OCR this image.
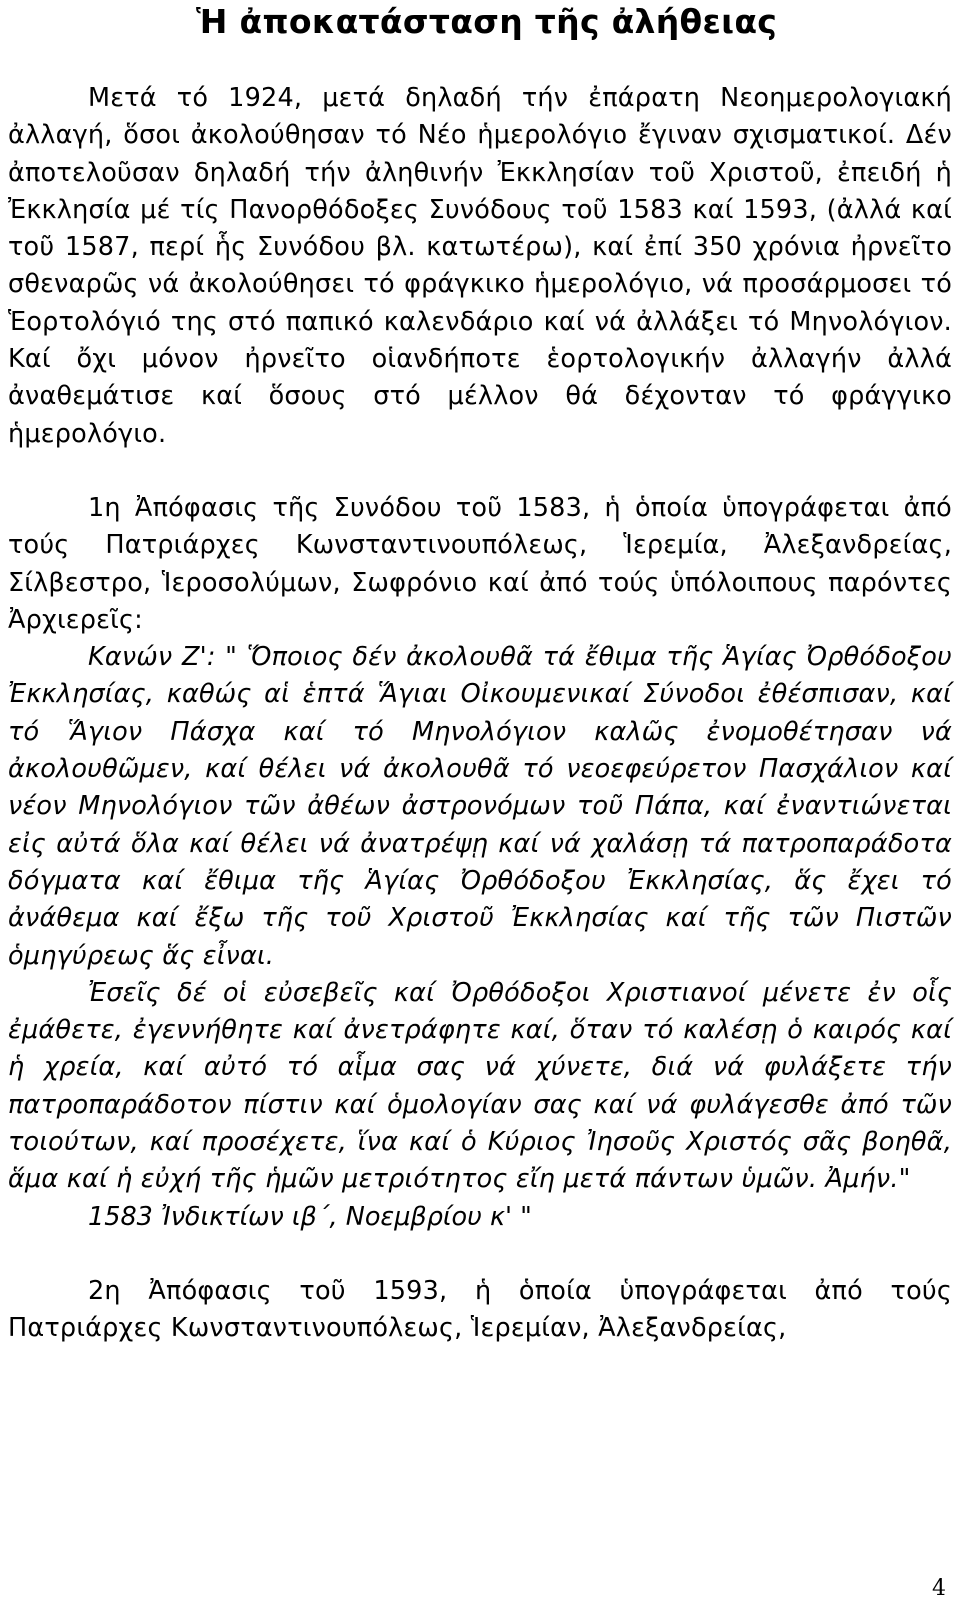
Ἡ ἀποκατάσταση τῆς ἀλήθειας

Μετά τό 1924, μετά δηλαδή τήν ἐπάρατη Νεοημερολογιακή ἀλλαγή, ὅσοι ἀκολούθησαν τό Νέο ἡμερολόγιο ἔγιναν σχισματικοί. Δέν ἀποτελοῦσαν δηλαδή τήν ἀληθινήν Ἐκκλησίαν τοῦ Χριστοῦ, ἐπειδή ἡ Ἐκκλησία μέ τίς Πανορθόδοξες Συνόδους τοῦ 1583 καί 1593, (ἀλλά καί τοῦ 1587, περί ἧς Συνόδου βλ. κατωτέρω), καί ἐπί 350 χρόνια ἠρνεῖτο σθεναρῶς νά ἀκολούθησει τό φράγκικο ἡμερολόγιο, νά προσάρμοσει τό Ἑορτολόγιό της στό παπικό καλενδάριο καί νά ἀλλάξει τό Μηνολόγιον. Καί ὄχι μόνον ἠρνεῖτο οἱανδήποτε ἑορτολογικήν ἀλλαγήν ἀλλά ἀναθεμάτισε καί ὅσους στό μέλλον θά δέχονταν τό φράγγικο ἡμερολόγιο.

1η Ἀπόφασις τῆς Συνόδου τοῦ 1583, ἡ ὁποία ὑπογράφεται ἀπό τούς Πατριάρχες Κωνσταντινουπόλεως, Ἱερεμία, Ἀλεξανδρείας, Σίλβεστρο, Ἱεροσολύμων, Σωφρόνιο καί ἀπό τούς ὑπόλοιπους παρόντες Ἀρχιερεῖς:

Κανών Ζ': " Ὅποιος δέν ἀκολουθᾶ τά ἔθιμα τῆς Ἁγίας Ὀρθόδοξου Ἐκκλησίας, καθώς αἱ ἑπτά Ἅγιαι Οἰκουμενικαί Σύνοδοι ἐθέσπισαν, καί τό Ἅγιον Πάσχα καί τό Μηνολόγιον καλῶς ἐνομοθέτησαν νά ἀκολουθῶμεν, καί θέλει νά ἀκολουθᾶ τό νεοεφεύρετον Πασχάλιον καί νέον Μηνολόγιον τῶν ἀθέων ἀστρονόμων τοῦ Πάπα, καί ἐναντιώνεται εἰς αὐτά ὅλα καί θέλει νά ἀνατρέψῃ καί νά χαλάσῃ τά πατροπαράδοτα δόγματα καί ἔθιμα τῆς Ἁγίας Ὀρθόδοξου Ἐκκλησίας, ἅς ἔχει τό ἀνάθεμα καί ἔξω τῆς τοῦ Χριστοῦ Ἐκκλησίας καί τῆς τῶν Πιστῶν ὁμηγύρεως ἅς εἶναι.

Ἐσεῖς δέ οἱ εὐσεβεῖς καί Ὀρθόδοξοι Χριστιανοί μένετε ἐν οἷς ἐμάθετε, ἐγεννήθητε καί ἀνετράφητε καί, ὅταν τό καλέσῃ ὁ καιρός καί ἡ χρεία, καί αὐτό τό αἷμα σας νά χύνετε, διά νά φυλάξετε τήν πατροπαράδοτον πίστιν καί ὁμολογίαν σας καί νά φυλάγεσθε ἀπό τῶν τοιούτων, καί προσέχετε, ἵνα καί ὁ Κύριος Ἰησοῦς Χριστός σᾶς βοηθᾶ, ἅμα καί ἡ εὐχή τῆς ἡμῶν μετριότητος εἴη μετά πάντων ὑμῶν. Ἀμήν."

1583 Ἰνδικτίων ιβ΄, Νοεμβρίου κ' "

2η Ἀπόφασις τοῦ 1593, ἡ ὁποία ὑπογράφεται ἀπό τούς Πατριάρχες Κωνσταντινουπόλεως, Ἱερεμίαν, Ἀλεξανδρείας,

4
